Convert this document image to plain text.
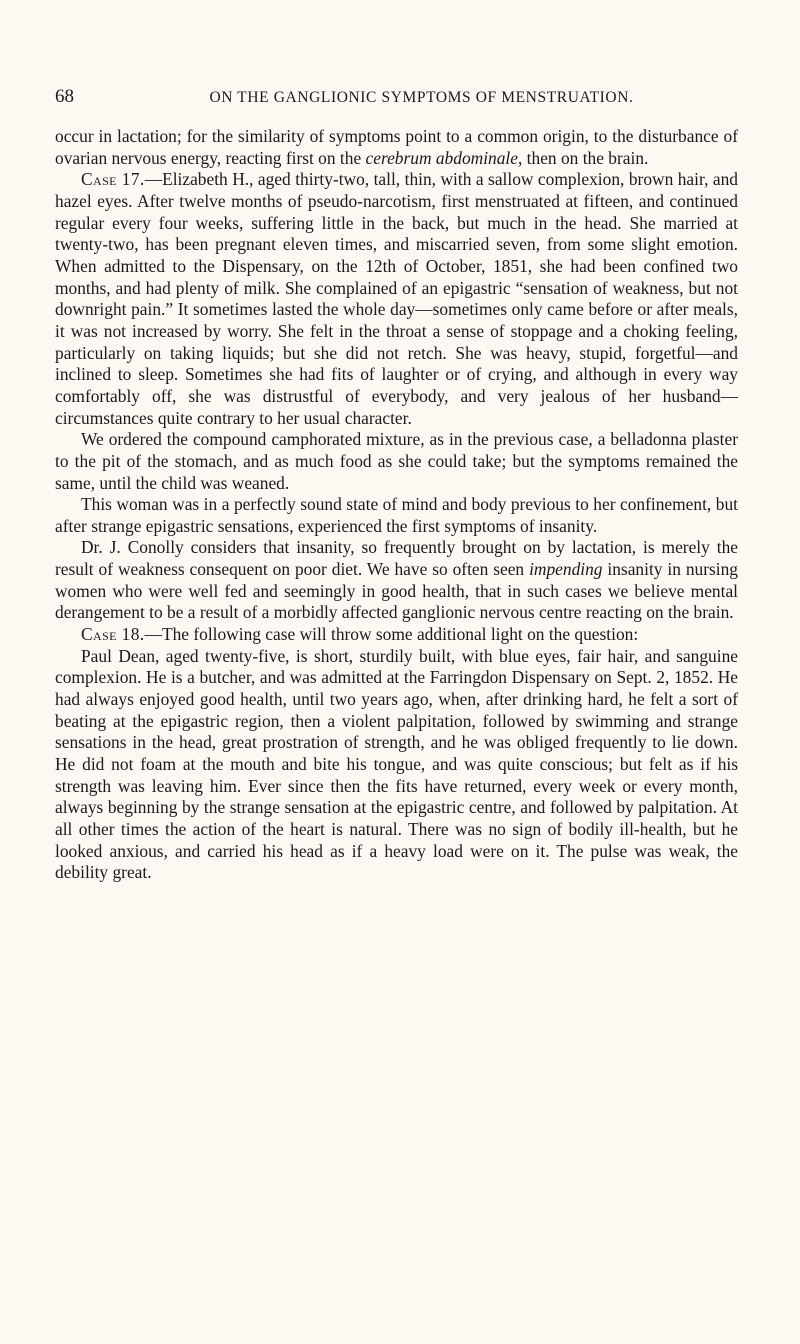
68	ON THE GANGLIONIC SYMPTOMS OF MENSTRUATION.

occur in lactation; for the similarity of symptoms point to a common origin, to the disturbance of ovarian nervous energy, reacting first on the cerebrum abdominale, then on the brain.

Case 17.—Elizabeth H., aged thirty-two, tall, thin, with a sallow complexion, brown hair, and hazel eyes. After twelve months of pseudo-narcotism, first menstruated at fifteen, and continued regular every four weeks, suffering little in the back, but much in the head. She married at twenty-two, has been pregnant eleven times, and miscarried seven, from some slight emotion. When admitted to the Dispensary, on the 12th of October, 1851, she had been confined two months, and had plenty of milk. She complained of an epigastric “sensation of weakness, but not downright pain.” It sometimes lasted the whole day—sometimes only came before or after meals, it was not increased by worry. She felt in the throat a sense of stoppage and a choking feeling, particularly on taking liquids; but she did not retch. She was heavy, stupid, forgetful—and inclined to sleep. Sometimes she had fits of laughter or of crying, and although in every way comfortably off, she was distrustful of everybody, and very jealous of her husband—circumstances quite contrary to her usual character.

We ordered the compound camphorated mixture, as in the previous case, a belladonna plaster to the pit of the stomach, and as much food as she could take; but the symptoms remained the same, until the child was weaned.

This woman was in a perfectly sound state of mind and body previous to her confinement, but after strange epigastric sensations, experienced the first symptoms of insanity.

Dr. J. Conolly considers that insanity, so frequently brought on by lactation, is merely the result of weakness consequent on poor diet. We have so often seen impending insanity in nursing women who were well fed and seemingly in good health, that in such cases we believe mental derangement to be a result of a morbidly affected ganglionic nervous centre reacting on the brain.

Case 18.—The following case will throw some additional light on the question:

Paul Dean, aged twenty-five, is short, sturdily built, with blue eyes, fair hair, and sanguine complexion. He is a butcher, and was admitted at the Farringdon Dispensary on Sept. 2, 1852. He had always enjoyed good health, until two years ago, when, after drinking hard, he felt a sort of beating at the epigastric region, then a violent palpitation, followed by swimming and strange sensations in the head, great prostration of strength, and he was obliged frequently to lie down. He did not foam at the mouth and bite his tongue, and was quite conscious; but felt as if his strength was leaving him. Ever since then the fits have returned, every week or every month, always beginning by the strange sensation at the epigastric centre, and followed by palpitation. At all other times the action of the heart is natural. There was no sign of bodily ill-health, but he looked anxious, and carried his head as if a heavy load were on it. The pulse was weak, the debility great.
